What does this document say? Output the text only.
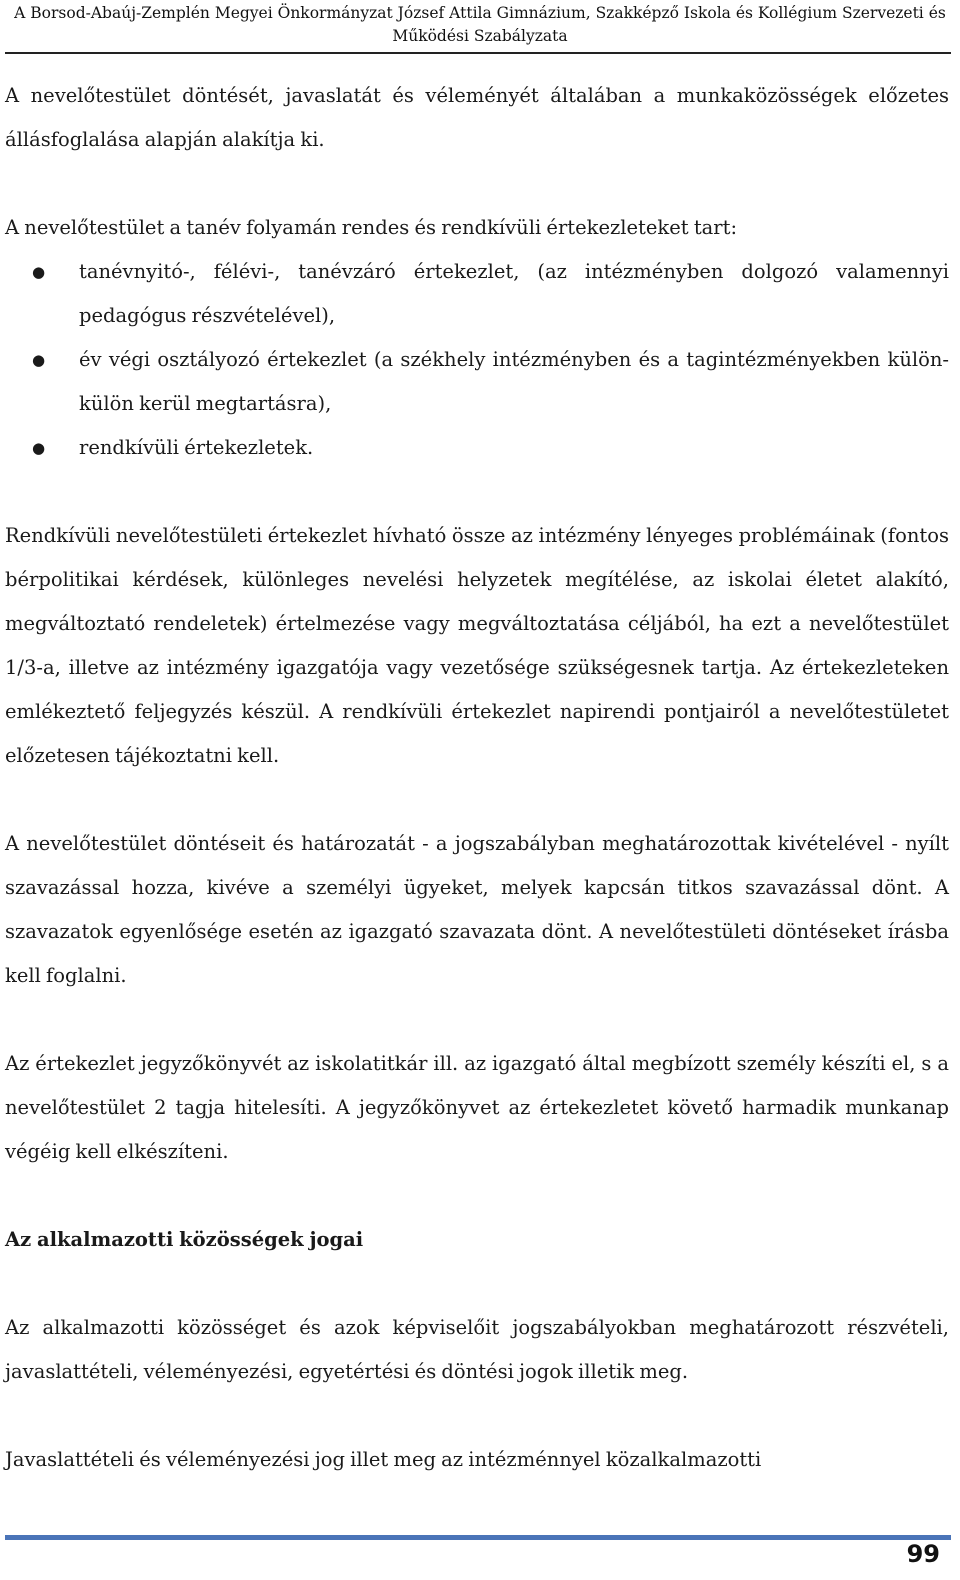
A Borsod-Abaúj-Zemplén Megyei Önkormányzat József Attila Gimnázium, Szakképző Iskola és Kollégium Szervezeti és
Működési Szabályzata

A nevelőtestület döntését, javaslatát és véleményét általában a munkaközösségek előzetes állásfoglalása alapján alakítja ki.

A nevelőtestület a tanév folyamán rendes és rendkívüli értekezleteket tart:

● tanévnyitó-, félévi-, tanévzáró értekezlet, (az intézményben dolgozó valamennyi pedagógus részvételével),
● év végi osztályozó értekezlet (a székhely intézményben és a tagintézményekben külön-külön kerül megtartásra),
● rendkívüli értekezletek.

Rendkívüli nevelőtestületi értekezlet hívható össze az intézmény lényeges problémáinak (fontos bérpolitikai kérdések, különleges nevelési helyzetek megítélése, az iskolai életet alakító, megváltoztató rendeletek) értelmezése vagy megváltoztatása céljából, ha ezt a nevelőtestület 1/3-a, illetve az intézmény igazgatója vagy vezetősége szükségesnek tartja. Az értekezleteken emlékeztető feljegyzés készül. A rendkívüli értekezlet napirendi pontjairól a nevelőtestületet előzetesen tájékoztatni kell.

A nevelőtestület döntéseit és határozatát - a jogszabályban meghatározottak kivételével - nyílt szavazással hozza, kivéve a személyi ügyeket, melyek kapcsán titkos szavazással dönt. A szavazatok egyenlősége esetén az igazgató szavazata dönt. A nevelőtestületi döntéseket írásba kell foglalni.

Az értekezlet jegyzőkönyvét az iskolatitkár ill. az igazgató által megbízott személy készíti el, s a nevelőtestület 2 tagja hitelesíti. A jegyzőkönyvet az értekezletet követő harmadik munkanap végéig kell elkészíteni.

Az alkalmazotti közösségek jogai

Az alkalmazotti közösséget és azok képviselőit jogszabályokban meghatározott részvételi, javaslattételi, véleményezési, egyetértési és döntési jogok illetik meg.

Javaslattételi és véleményezési jog illet meg az intézménnyel közalkalmazotti

99
